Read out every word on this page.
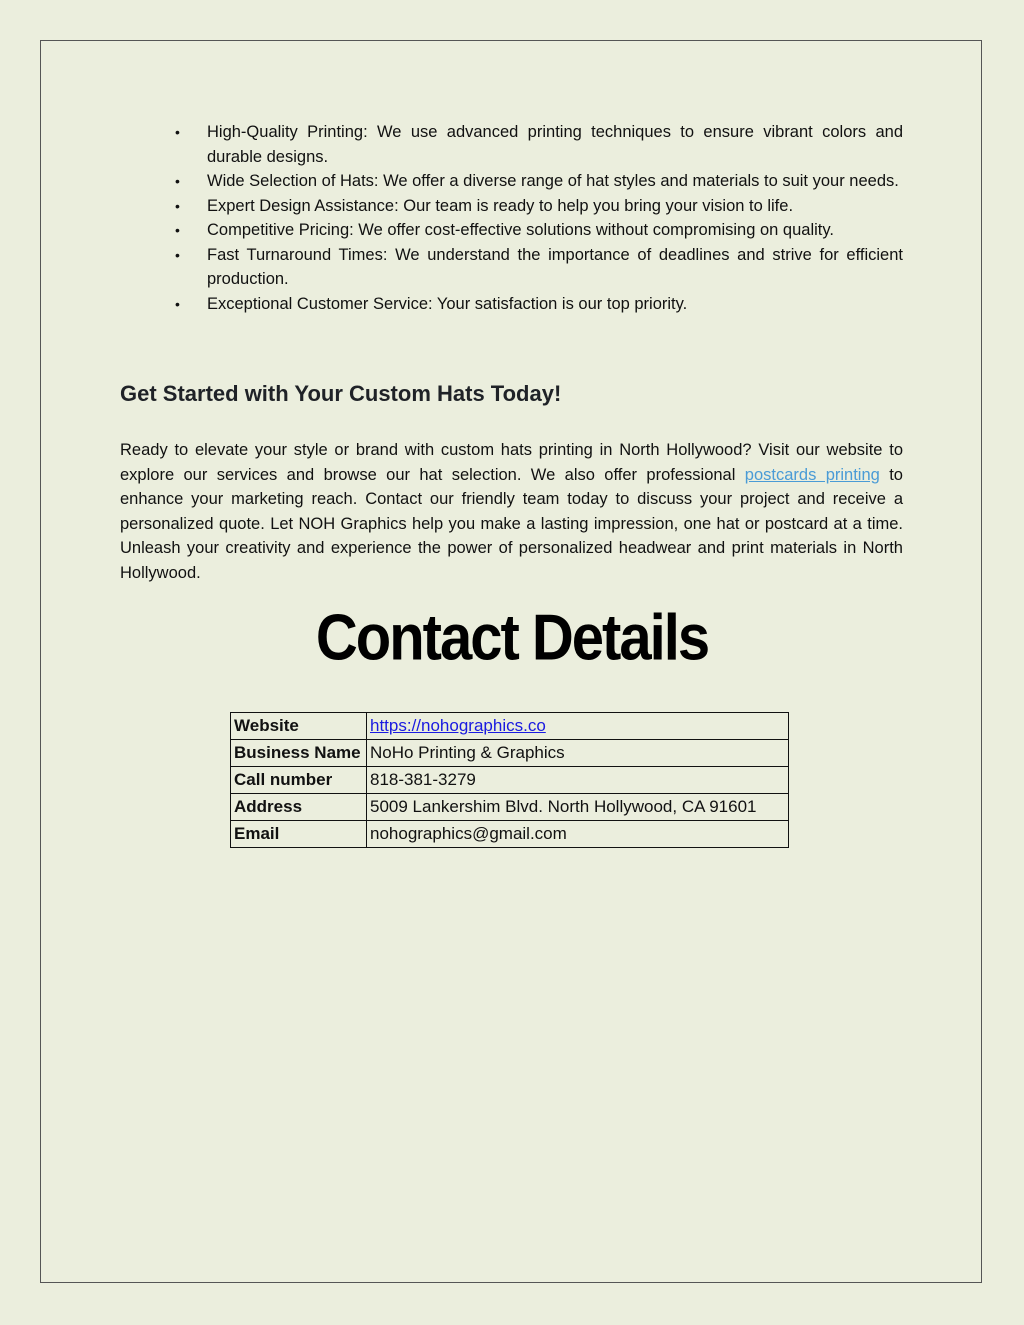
• High-Quality Printing: We use advanced printing techniques to ensure vibrant colors and durable designs.
• Wide Selection of Hats: We offer a diverse range of hat styles and materials to suit your needs.
• Expert Design Assistance: Our team is ready to help you bring your vision to life.
• Competitive Pricing: We offer cost-effective solutions without compromising on quality.
• Fast Turnaround Times: We understand the importance of deadlines and strive for efficient production.
• Exceptional Customer Service: Your satisfaction is our top priority.
Get Started with Your Custom Hats Today!

Ready to elevate your style or brand with custom hats printing in North Hollywood? Visit our website to explore our services and browse our hat selection. We also offer professional postcards printing to enhance your marketing reach. Contact our friendly team today to discuss your project and receive a personalized quote. Let NOH Graphics help you make a lasting impression, one hat or postcard at a time. Unleash your creativity and experience the power of personalized headwear and print materials in North Hollywood.

Contact Details
Website	https://nohographics.co
Business Name	NoHo Printing & Graphics
Call number	818-381-3279
Address	5009 Lankershim Blvd. North Hollywood, CA 91601
Email	nohographics@gmail.com
